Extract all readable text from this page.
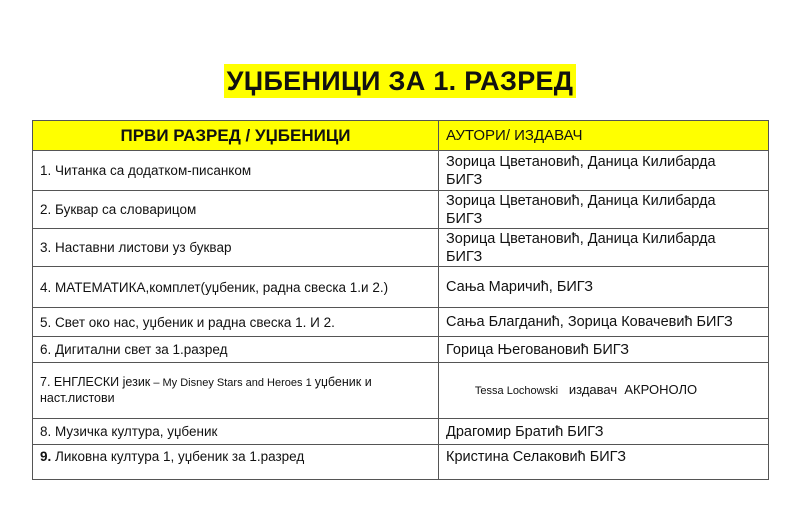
УЏБЕНИЦИ ЗА 1. РАЗРЕД
ПРВИ РАЗРЕД / УЏБЕНИЦИ	АУТОРИ/ ИЗДАВАЧ
1. Читанка са додатком-писанком	Зорица Цветановић, Даница Килибарда
БИГЗ
2. Буквар са словарицом	Зорица Цветановић, Даница Килибарда
БИГЗ
3. Наставни листови уз буквар	Зорица Цветановић, Даница Килибарда
БИГЗ
4. МАТЕМАТИКА,комплет(уџбеник, радна свеска 1.и 2.)	Сања Маричић, БИГЗ
5. Свет око нас, уџбеник и радна свеска 1. И 2.	Сања Благданић, Зорица Ковачевић БИГЗ
6. Дигитални свет за 1.разред	Горица Његовановић БИГЗ
7. ЕНГЛЕСКИ језик – My Disney Stars and Heroes 1 уџбеник и наст.листови	Tessa Lochowski   издавач  АКРОНОЛО

8. Музичка култура, уџбеник	Драгомир Братић БИГЗ
9. Ликовна култура 1, уџбеник за 1.разред	Кристина Селаковић БИГЗ
